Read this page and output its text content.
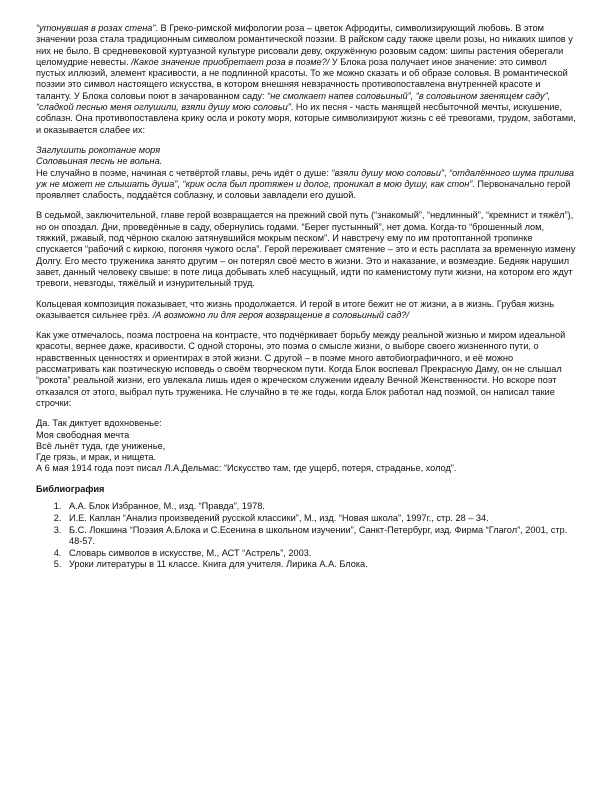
“утонувшая в розах стена”. В Греко-римской мифологии роза – цветок Афродиты, символизирующий любовь. В этом значении роза стала традиционным символом романтической поэзии. В райском саду также цвели розы, но никаких шипов у них не было. В средневековой куртуазной культуре рисовали деву, окружённую розовым садом: шипы растения оберегали целомудрие невесты. /Какое значение приобретает роза в поэме?/ У Блока роза получает иное значение: это символ пустых иллюзий, элемент красивости, а не подлинной красоты. То же можно сказать и об образе соловья. В романтической поэзии это символ настоящего искусства, в котором внешняя невзрачность противопоставлена внутренней красоте и таланту. У Блока соловьи поют в зачарованном саду: “не смолкает напев соловьиный”, “в соловьином звенящем саду”, “сладкой песнью меня оглушили, взяли душу мою соловьи”. Но их песня - часть манящей несбыточной мечты, искушение, соблазн. Она противопоставлена крику осла и рокоту моря, которые символизируют жизнь с её тревогами, трудом, заботами, и оказывается слабее их:

Заглушить рокотание моря
Соловьиная песнь не вольна.
Не случайно в поэме, начиная с четвёртой главы, речь идёт о душе: “взяли душу мою соловьи”, “отдалённого шума прилива уж не может не слышать душа”, “крик осла был протяжен и долог, проникал в мою душу, как стон”. Первоначально герой проявляет слабость, поддаётся соблазну, и соловьи завладели его душой.

В седьмой, заключительной, главе герой возвращается на прежний свой путь (“знакомый”, “недлинный”, “кремнист и тяжёл”), но он опоздал. Дни, проведённые в саду, обернулись годами. “Берег пустынный”, нет дома. Когда-то “брошенный лом, тяжкий, ржавый, под чёрною скалою затянувшийся мокрым песком”. И навстречу ему по им протоптанной тропинке спускается “рабочий с киркою, погоняя чужого осла”. Герой переживает смятение – это и есть расплата за временную измену Долгу. Его место труженика занято другим – он потерял своё место в жизни. Это и наказание, и возмездие. Бедняк нарушил завет, данный человеку свыше: в поте лица добывать хлеб насущный, идти по каменистому пути жизни, на котором его ждут тревоги, невзгоды, тяжёлый и изнурительный труд.

Кольцевая композиция показывает, что жизнь продолжается. И герой в итоге бежит не от жизни, а в жизнь. Грубая жизнь оказывается сильнее грёз. /А возможно ли для героя возвращение в соловьиный сад?/

Как уже отмечалось, поэма построена на контрасте, что подчёркивает борьбу между реальной жизнью и миром идеальной красоты, вернее даже, красивости. С одной стороны, это поэма о смысле жизни, о выборе своего жизненного пути, о нравственных ценностях и ориентирах в этой жизни. С другой – в поэме много автобиографичного, и её можно рассматривать как поэтическую исповедь о своём творческом пути. Когда Блок воспевал Прекрасную Даму, он не слышал “рокота” реальной жизни, его увлекала лишь идея о жреческом служении идеалу Вечной Женственности. Но вскоре поэт отказался от этого, выбрал путь труженика. Не случайно в те же годы, когда Блок работал над поэмой, он написал такие строчки:

Да. Так диктует вдохновенье:
Моя свободная мечта
Всё льнёт туда, где униженье,
Где грязь, и мрак, и нищета.
А 6 мая 1914 года поэт писал Л.А.Дельмас: “Искусство там, где ущерб, потеря, страданье, холод”.
Библиография
1. А.А. Блок Избранное, М., изд. “Правда”, 1978.
2. И.Е. Каплан “Анализ произведений русской классики”, М., изд. “Новая школа”, 1997г., стр. 28 – 34.
3. Б.С. Локшина “Поэзия А.Блока и С.Есенина в школьном изучении”, Санкт-Петербург, изд. Фирма “Глагол”, 2001, стр. 48-57.
4. Словарь символов в искусстве, М., АСТ “Астрель”, 2003.
5. Уроки литературы в 11 классе. Книга для учителя. Лирика А.А. Блока.
